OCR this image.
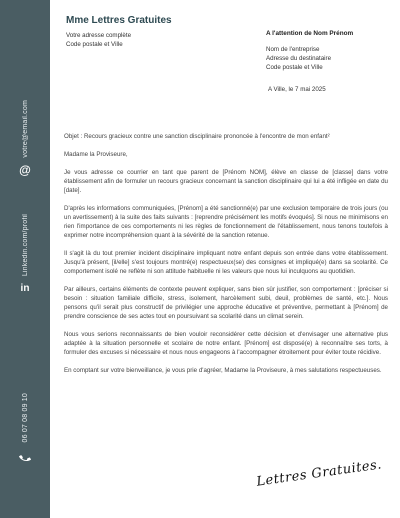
votre@email.com
@
Linkedin.com/profil
in
06 07 08 09 10
Mme Lettres Gratuites
Votre adresse complète
Code postale et Ville
A l'attention de Nom Prénom
Nom de l'entreprise
Adresse du destinataire
Code postale et Ville
A Ville, le 7 mai 2025

Objet : Recours gracieux contre une sanction disciplinaire prononcée à l'encontre de mon enfant²

Madame la Proviseure,

Je vous adresse ce courrier en tant que parent de [Prénom NOM], élève en classe de [classe] dans votre établissement afin de formuler un recours gracieux concernant la sanction disciplinaire qui lui a été infligée en date du [date].

D'après les informations communiquées, [Prénom] a été sanctionné(e) par une exclusion temporaire de trois jours (ou un avertissement) à la suite des faits suivants : [reprendre précisément les motifs évoqués]. Si nous ne minimisons en rien l'importance de ces comportements ni les règles de fonctionnement de l'établissement, nous tenons toutefois à exprimer notre incompréhension quant à la sévérité de la sanction retenue.

Il s'agit là du tout premier incident disciplinaire impliquant notre enfant depuis son entrée dans votre établissement. Jusqu'à présent, [il/elle] s'est toujours montré(e) respectueux(se) des consignes et impliqué(e) dans sa scolarité. Ce comportement isolé ne reflète ni son attitude habituelle ni les valeurs que nous lui inculquons au quotidien.

Par ailleurs, certains éléments de contexte peuvent expliquer, sans bien sûr justifier, son comportement : [préciser si besoin : situation familiale difficile, stress, isolement, harcèlement subi, deuil, problèmes de santé, etc.]. Nous pensons qu'il serait plus constructif de privilégier une approche éducative et préventive, permettant à [Prénom] de prendre conscience de ses actes tout en poursuivant sa scolarité dans un climat serein.

Nous vous serions reconnaissants de bien vouloir reconsidérer cette décision et d'envisager une alternative plus adaptée à la situation personnelle et scolaire de notre enfant. [Prénom] est disposé(e) à reconnaître ses torts, à formuler des excuses si nécessaire et nous nous engageons à l'accompagner étroitement pour éviter toute récidive.

En comptant sur votre bienveillance, je vous prie d'agréer, Madame la Proviseure, à mes salutations respectueuses.

Lettres Gratuites.
